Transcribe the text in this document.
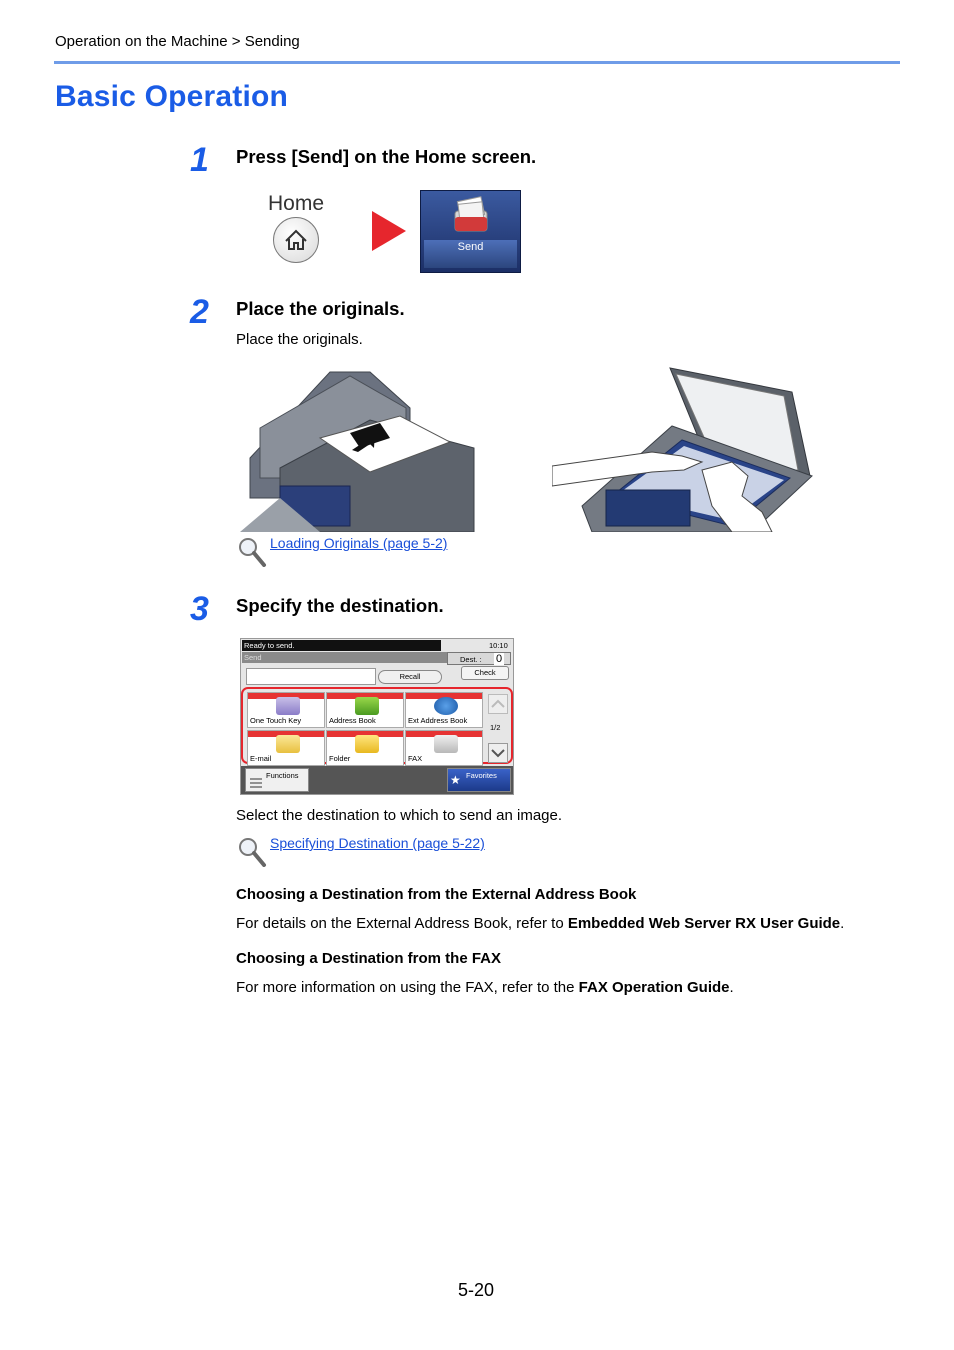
Operation on the Machine > Sending
Basic Operation
1 Press [Send] on the Home screen.
Home
Send
2 Place the originals.
Place the originals.
Loading Originals (page 5-2)
3 Specify the destination.
Ready to send.	10:10
Send	Dest. : 0
Check
Recall
One Touch Key	Address Book	Ext Address Book
E-mail	Folder	FAX
1/2
Functions	★ Favorites
Select the destination to which to send an image.
Specifying Destination (page 5-22)
Choosing a Destination from the External Address Book
For details on the External Address Book, refer to Embedded Web Server RX User Guide.
Choosing a Destination from the FAX
For more information on using the FAX, refer to the FAX Operation Guide.
5-20
